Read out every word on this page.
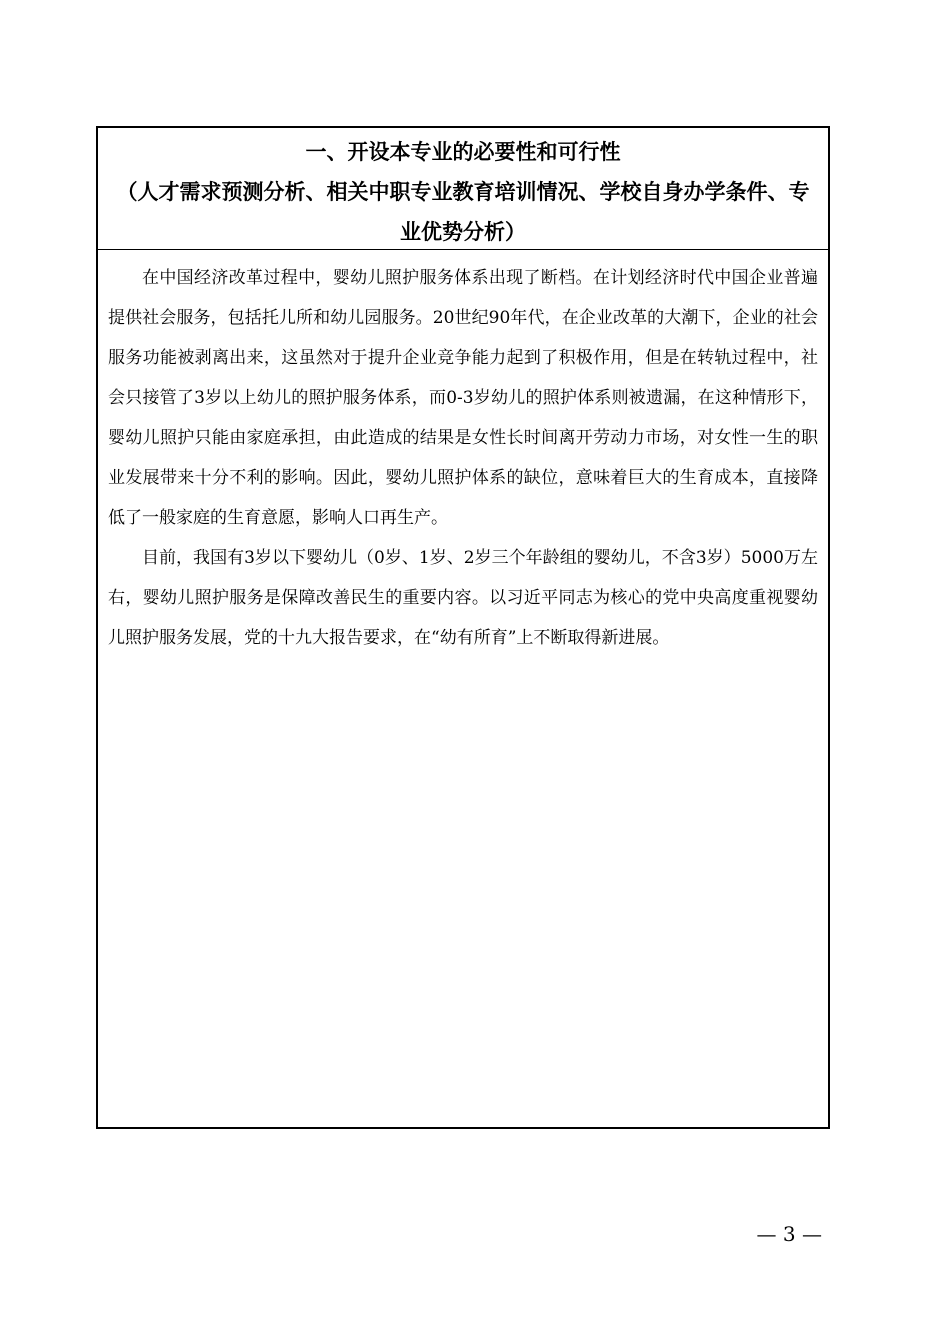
一、开设本专业的必要性和可行性
（人才需求预测分析、相关中职专业教育培训情况、学校自身办学条件、专业优势分析）

在中国经济改革过程中，婴幼儿照护服务体系出现了断档。在计划经济时代中国企业普遍提供社会服务，包括托儿所和幼儿园服务。20世纪90年代，在企业改革的大潮下，企业的社会服务功能被剥离出来，这虽然对于提升企业竞争能力起到了积极作用，但是在转轨过程中，社会只接管了3岁以上幼儿的照护服务体系，而0-3岁幼儿的照护体系则被遗漏，在这种情形下，婴幼儿照护只能由家庭承担，由此造成的结果是女性长时间离开劳动力市场，对女性一生的职业发展带来十分不利的影响。因此，婴幼儿照护体系的缺位，意味着巨大的生育成本，直接降低了一般家庭的生育意愿，影响人口再生产。

目前，我国有3岁以下婴幼儿（0岁、1岁、2岁三个年龄组的婴幼儿，不含3岁）5000万左右，婴幼儿照护服务是保障改善民生的重要内容。以习近平同志为核心的党中央高度重视婴幼儿照护服务发展，党的十九大报告要求，在“幼有所育”上不断取得新进展。

— 3 —
